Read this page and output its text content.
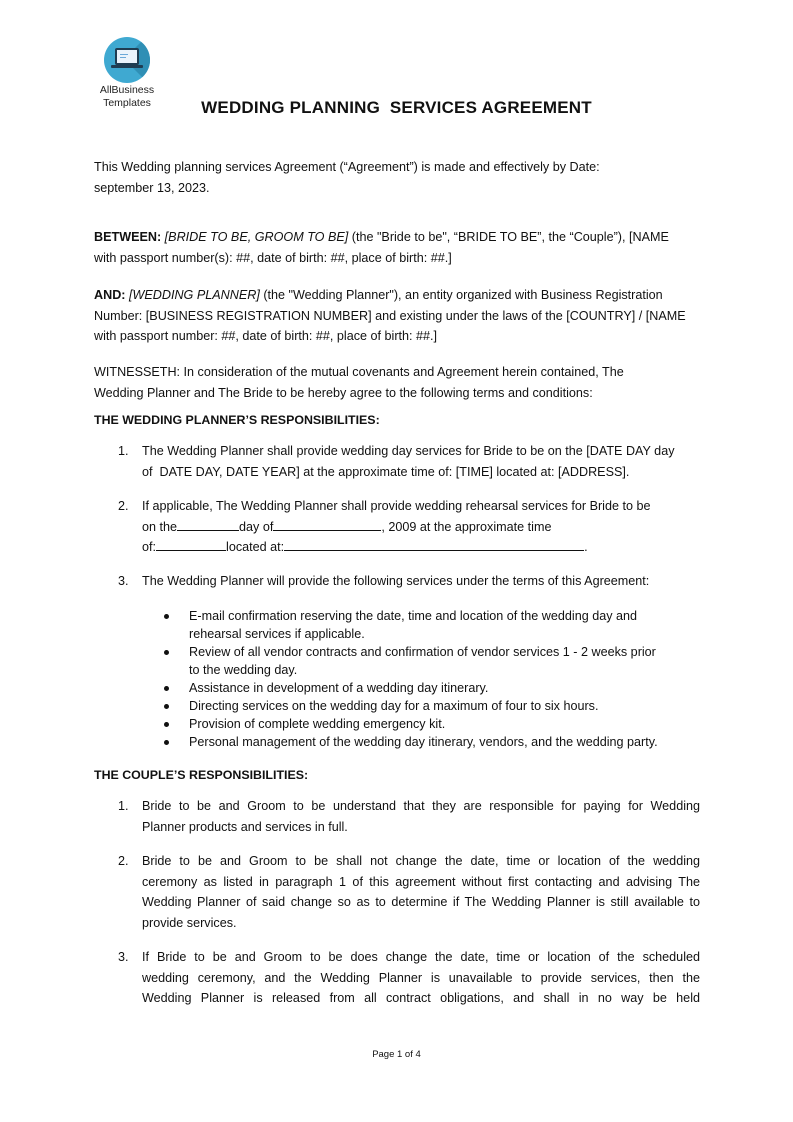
AllBusiness
Templates	WEDDING PLANNING  SERVICES AGREEMENT
This Wedding planning services Agreement (“Agreement”) is made and effectively by Date:
september 13, 2023.
BETWEEN: [BRIDE TO BE, GROOM TO BE] (the "Bride to be", “BRIDE TO BE”, the “Couple”), [NAME
with passport number(s): ##, date of birth: ##, place of birth: ##.]
AND: [WEDDING PLANNER] (the "Wedding Planner"), an entity organized with Business Registration
Number: [BUSINESS REGISTRATION NUMBER] and existing under the laws of the [COUNTRY] / [NAME
with passport number: ##, date of birth: ##, place of birth: ##.]
WITNESSETH: In consideration of the mutual covenants and Agreement herein contained, The
Wedding Planner and The Bride to be hereby agree to the following terms and conditions:
THE WEDDING PLANNER’S RESPONSIBILITIES:
1. The Wedding Planner shall provide wedding day services for Bride to be on the [DATE DAY day
of  DATE DAY, DATE YEAR] at the approximate time of: [TIME] located at: [ADDRESS].
2. If applicable, The Wedding Planner shall provide wedding rehearsal services for Bride to be
on the	day of	, 2009 at the approximate time
of:	located at:	.
3. The Wedding Planner will provide the following services under the terms of this Agreement:
E-mail confirmation reserving the date, time and location of the wedding day and
rehearsal services if applicable.
Review of all vendor contracts and confirmation of vendor services 1 - 2 weeks prior
to the wedding day.
Assistance in development of a wedding day itinerary.
Directing services on the wedding day for a maximum of four to six hours.
Provision of complete wedding emergency kit.
Personal management of the wedding day itinerary, vendors, and the wedding party.
THE COUPLE’S RESPONSIBILITIES:
1. Bride to be and Groom to be understand that they are responsible for paying for Wedding
Planner products and services in full.
2. Bride to be and Groom to be shall not change the date, time or location of the wedding
ceremony as listed in paragraph 1 of this agreement without first contacting and advising The
Wedding Planner of said change so as to determine if The Wedding Planner is still available to
provide services.
3. If Bride to be and Groom to be does change the date, time or location of the scheduled
wedding ceremony, and the Wedding Planner is unavailable to provide services, then the
Wedding Planner is released from all contract obligations, and shall in no way be held
Page 1 of 4
